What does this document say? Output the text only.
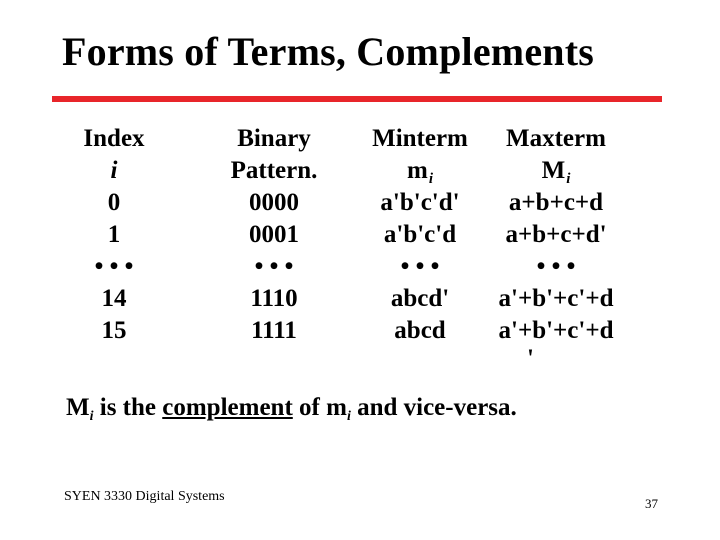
Forms of Terms, Complements
Index	Binary	Minterm	Maxterm
i	Pattern.	$m_i$	$M_i$
0	0000	a'b'c'd'	a+b+c+d
1	0001	a'b'c'd	a+b+c+d'
• • •	• • •	• • •	• • •
14	1110	abcd'	a'+b'+c'+d
15	1111	abcd	a'+b'+c'+d
'
$M_i$ is the complement of $m_i$ and vice-versa.
SYEN 3330 Digital Systems	37
